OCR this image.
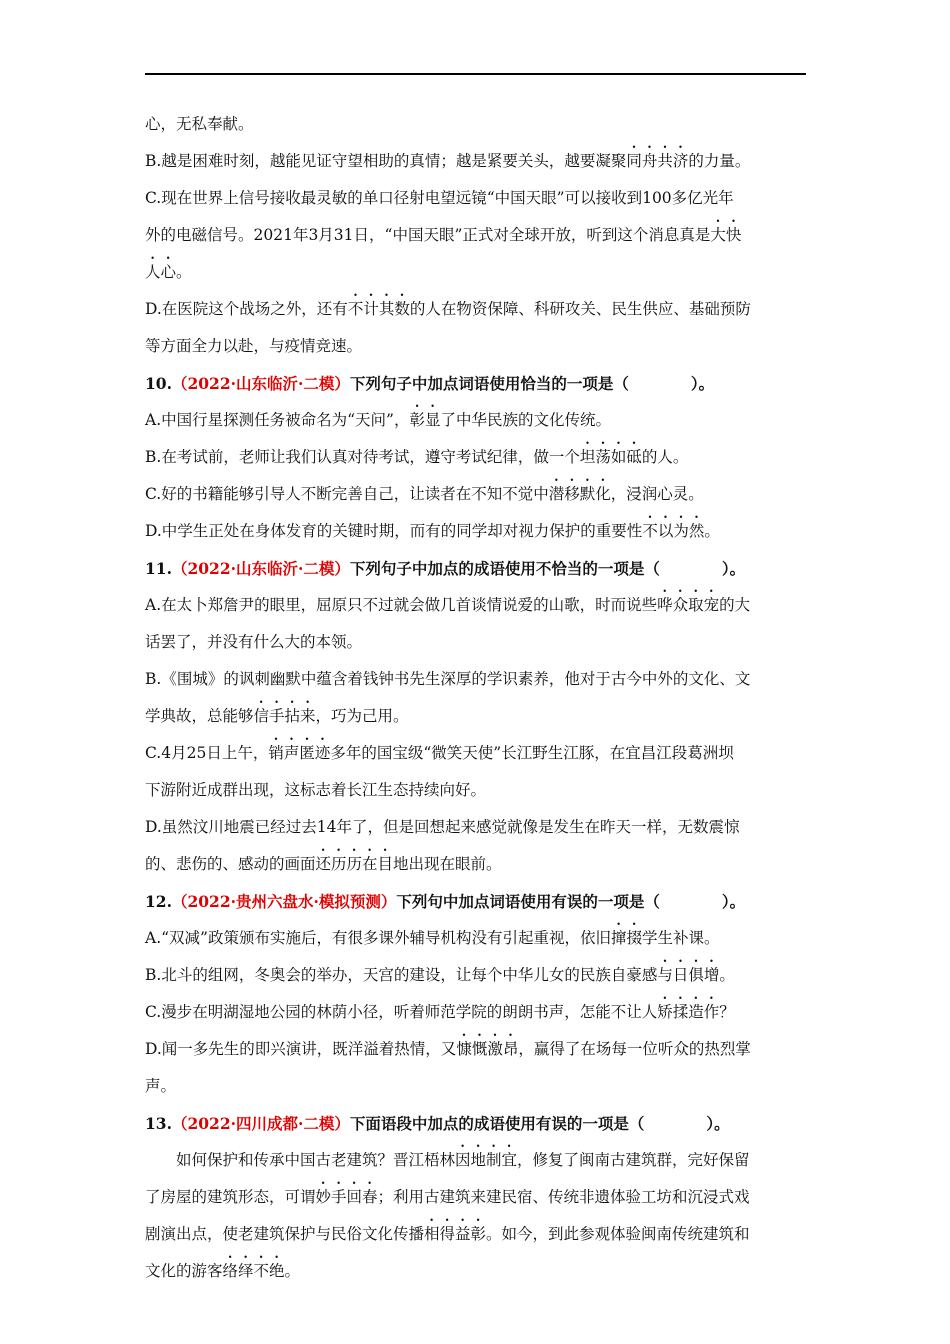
心，无私奉献。

B.越是困难时刻，越能见证守望相助的真情；越是紧要关头，越要凝聚同舟共济的力量。

C.现在世界上信号接收最灵敏的单口径射电望远镜“中国天眼”可以接收到100多亿光年

外的电磁信号。2021年3月31日，“中国天眼”正式对全球开放，听到这个消息真是大快

人心。

D.在医院这个战场之外，还有不计其数的人在物资保障、科研攻关、民生供应、基础预防

等方面全力以赴，与疫情竞速。

10.（2022·山东临沂·二模）下列句子中加点词语使用恰当的一项是（　　　　）。

A.中国行星探测任务被命名为“天问”，彰显了中华民族的文化传统。

B.在考试前，老师让我们认真对待考试，遵守考试纪律，做一个坦荡如砥的人。

C.好的书籍能够引导人不断完善自己，让读者在不知不觉中潜移默化，浸润心灵。

D.中学生正处在身体发育的关键时期，而有的同学却对视力保护的重要性不以为然。

11.（2022·山东临沂·二模）下列句子中加点的成语使用不恰当的一项是（　　　　）。

A.在太卜郑詹尹的眼里，屈原只不过就会做几首谈情说爱的山歌，时而说些哗众取宠的大

话罢了，并没有什么大的本领。

B.《围城》的讽刺幽默中蕴含着钱钟书先生深厚的学识素养，他对于古今中外的文化、文

学典故，总能够信手拈来，巧为己用。

C.4月25日上午，销声匿迹多年的国宝级“微笑天使”长江野生江豚，在宜昌江段葛洲坝

下游附近成群出现，这标志着长江生态持续向好。

D.虽然汶川地震已经过去14年了，但是回想起来感觉就像是发生在昨天一样，无数震惊

的、悲伤的、感动的画面还历历在目地出现在眼前。

12.（2022·贵州六盘水·模拟预测）下列句中加点词语使用有误的一项是（　　　　）。

A.“双减”政策颁布实施后，有很多课外辅导机构没有引起重视，依旧撺掇学生补课。

B.北斗的组网，冬奥会的举办，天宫的建设，让每个中华儿女的民族自豪感与日俱增。

C.漫步在明湖湿地公园的林荫小径，听着师范学院的朗朗书声，怎能不让人矫揉造作？

D.闻一多先生的即兴演讲，既洋溢着热情，又慷慨激昂，赢得了在场每一位听众的热烈掌

声。

13.（2022·四川成都·二模）下面语段中加点的成语使用有误的一项是（　　　　）。

如何保护和传承中国古老建筑？晋江梧林因地制宜，修复了闽南古建筑群，完好保留

了房屋的建筑形态，可谓妙手回春；利用古建筑来建民宿、传统非遗体验工坊和沉浸式戏

剧演出点，使老建筑保护与民俗文化传播相得益彰。如今，到此参观体验闽南传统建筑和

文化的游客络绎不绝。
